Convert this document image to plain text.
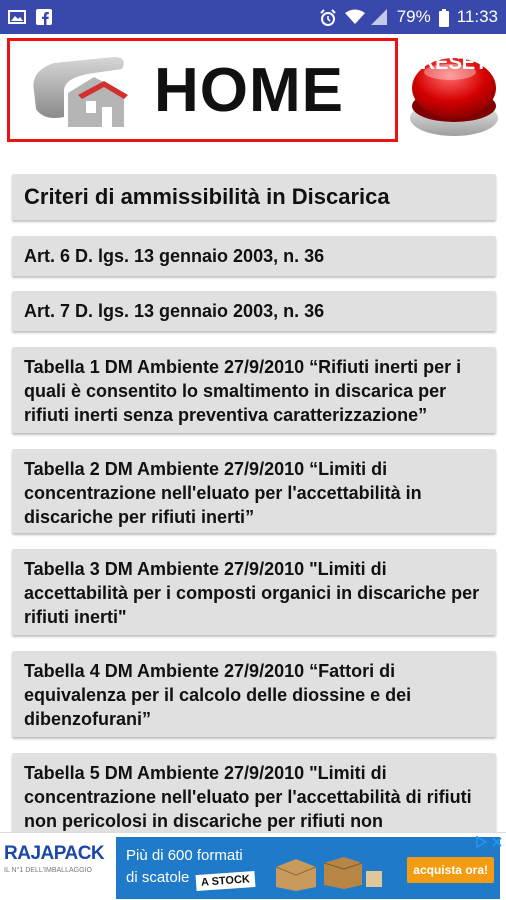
79% 11:33
HOME	RESET
Criteri di ammissibilità in Discarica
Art. 6 D. lgs. 13 gennaio 2003, n. 36
Art. 7 D. lgs. 13 gennaio 2003, n. 36
Tabella 1 DM Ambiente 27/9/2010 “Rifiuti inerti per i quali è consentito lo smaltimento in discarica per rifiuti inerti senza preventiva caratterizzazione”
Tabella 2 DM Ambiente 27/9/2010 “Limiti di concentrazione nell'eluato per l'accettabilità in discariche per rifiuti inerti”
Tabella 3 DM Ambiente 27/9/2010 "Limiti di accettabilità per i composti organici in discariche per rifiuti inerti"
Tabella 4 DM Ambiente 27/9/2010 “Fattori di equivalenza per il calcolo delle diossine e dei dibenzofurani”
Tabella 5 DM Ambiente 27/9/2010 "Limiti di concentrazione nell'eluato per l'accettabilità di rifiuti non pericolosi in discariche per rifiuti non
RAJAPACK
IL N°1 DELL'IMBALLAGGIO
Più di 600 formati
di scatole	A STOCK
acquista ora!
